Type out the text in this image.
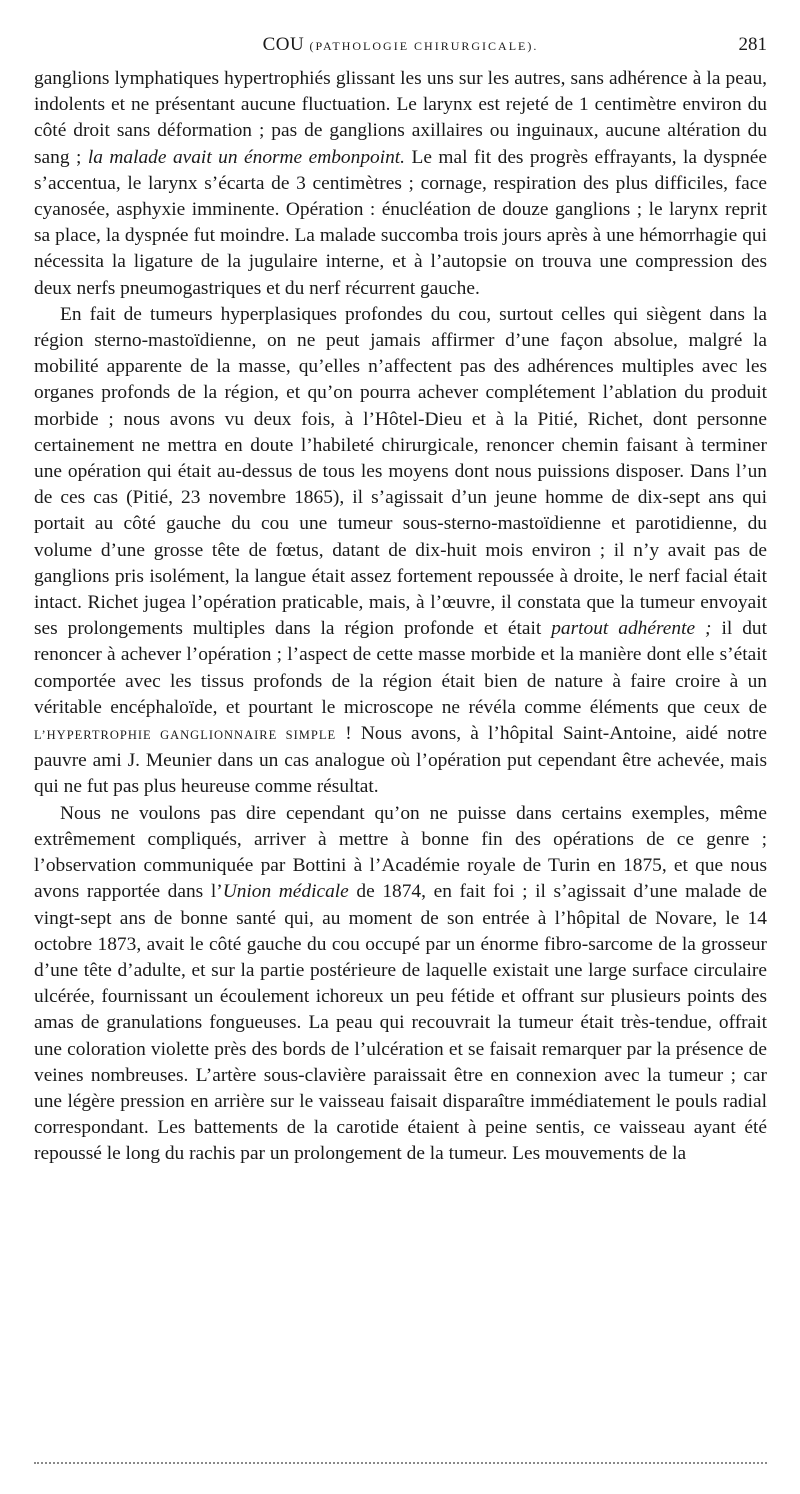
COU (PATHOLOGIE CHIRURGICALE).	281

ganglions lymphatiques hypertrophiés glissant les uns sur les autres, sans adhérence à la peau, indolents et ne présentant aucune fluctuation. Le larynx est rejeté de 1 centimètre environ du côté droit sans déformation ; pas de ganglions axillaires ou inguinaux, aucune altération du sang ; la malade avait un énorme embonpoint. Le mal fit des progrès effrayants, la dyspnée s’accentua, le larynx s’écarta de 3 centimètres ; cornage, respiration des plus difficiles, face cyanosée, asphyxie imminente. Opération : énucléation de douze ganglions ; le larynx reprit sa place, la dyspnée fut moindre. La malade succomba trois jours après à une hémorrhagie qui nécessita la ligature de la jugulaire interne, et à l’autopsie on trouva une compression des deux nerfs pneumogastriques et du nerf récurrent gauche.

En fait de tumeurs hyperplasiques profondes du cou, surtout celles qui siègent dans la région sterno-mastoïdienne, on ne peut jamais affirmer d’une façon absolue, malgré la mobilité apparente de la masse, qu’elles n’affectent pas des adhérences multiples avec les organes profonds de la région, et qu’on pourra achever complétement l’ablation du produit morbide ; nous avons vu deux fois, à l’Hôtel-Dieu et à la Pitié, Richet, dont personne certainement ne mettra en doute l’habileté chirurgicale, renoncer chemin faisant à terminer une opération qui était au-dessus de tous les moyens dont nous puissions disposer. Dans l’un de ces cas (Pitié, 23 novembre 1865), il s’agissait d’un jeune homme de dix-sept ans qui portait au côté gauche du cou une tumeur sous-sterno-mastoïdienne et parotidienne, du volume d’une grosse tête de fœtus, datant de dix-huit mois environ ; il n’y avait pas de ganglions pris isolément, la langue était assez fortement repoussée à droite, le nerf facial était intact. Richet jugea l’opération praticable, mais, à l’œuvre, il constata que la tumeur envoyait ses prolongements multiples dans la région profonde et était partout adhérente ; il dut renoncer à achever l’opération ; l’aspect de cette masse morbide et la manière dont elle s’était comportée avec les tissus profonds de la région était bien de nature à faire croire à un véritable encéphaloïde, et pourtant le microscope ne révéla comme éléments que ceux de L’HYPERTROPHIE GANGLIONNAIRE SIMPLE ! Nous avons, à l’hôpital Saint-Antoine, aidé notre pauvre ami J. Meunier dans un cas analogue où l’opération put cependant être achevée, mais qui ne fut pas plus heureuse comme résultat.

Nous ne voulons pas dire cependant qu’on ne puisse dans certains exemples, même extrêmement compliqués, arriver à mettre à bonne fin des opérations de ce genre ; l’observation communiquée par Bottini à l’Académie royale de Turin en 1875, et que nous avons rapportée dans l’Union médicale de 1874, en fait foi ; il s’agissait d’une malade de vingt-sept ans de bonne santé qui, au moment de son entrée à l’hôpital de Novare, le 14 octobre 1873, avait le côté gauche du cou occupé par un énorme fibro-sarcome de la grosseur d’une tête d’adulte, et sur la partie postérieure de laquelle existait une large surface circulaire ulcérée, fournissant un écoulement ichoreux un peu fétide et offrant sur plusieurs points des amas de granulations fongueuses. La peau qui recouvrait la tumeur était très-tendue, offrait une coloration violette près des bords de l’ulcération et se faisait remarquer par la présence de veines nombreuses. L’artère sous-clavière paraissait être en connexion avec la tumeur ; car une légère pression en arrière sur le vaisseau faisait disparaître immédiatement le pouls radial correspondant. Les battements de la carotide étaient à peine sentis, ce vaisseau ayant été repoussé le long du rachis par un prolongement de la tumeur. Les mouvements de la
